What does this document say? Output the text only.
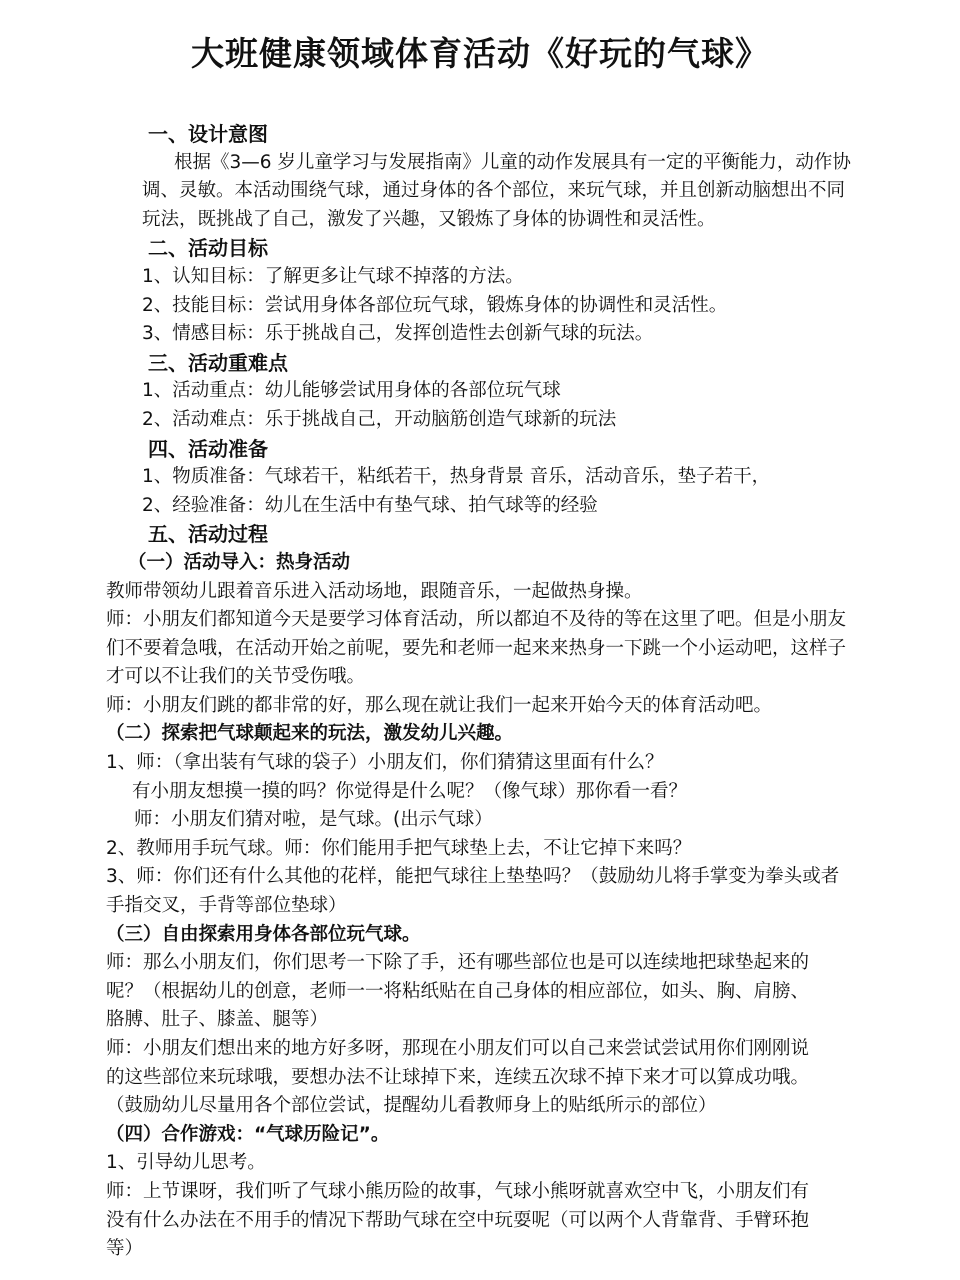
大班健康领域体育活动《好玩的气球》
一、设计意图
根据《3—6 岁儿童学习与发展指南》儿童的动作发展具有一定的平衡能力，动作协
调、灵敏。本活动围绕气球，通过身体的各个部位，来玩气球，并且创新动脑想出不同
玩法，既挑战了自己，激发了兴趣，又锻炼了身体的协调性和灵活性。
二、活动目标
1、认知目标：了解更多让气球不掉落的方法。
2、技能目标：尝试用身体各部位玩气球，锻炼身体的协调性和灵活性。
3、情感目标：乐于挑战自己，发挥创造性去创新气球的玩法。
三、活动重难点
1、活动重点：幼儿能够尝试用身体的各部位玩气球
2、活动难点：乐于挑战自己，开动脑筋创造气球新的玩法
四、活动准备
1、物质准备：气球若干，粘纸若干，热身背景 音乐，活动音乐，垫子若干，
2、经验准备：幼儿在生活中有垫气球、拍气球等的经验
五、活动过程
（一）活动导入：热身活动
教师带领幼儿跟着音乐进入活动场地，跟随音乐，一起做热身操。
师：小朋友们都知道今天是要学习体育活动，所以都迫不及待的等在这里了吧。但是小朋友
们不要着急哦，在活动开始之前呢，要先和老师一起来来热身一下跳一个小运动吧，这样子
才可以不让我们的关节受伤哦。
师：小朋友们跳的都非常的好，那么现在就让我们一起来开始今天的体育活动吧。
（二）探索把气球颠起来的玩法，激发幼儿兴趣。
1、师：（拿出装有气球的袋子）小朋友们，你们猜猜这里面有什么？
有小朋友想摸一摸的吗？你觉得是什么呢？（像气球）那你看一看？
师：小朋友们猜对啦，是气球。(出示气球）
2、教师用手玩气球。师：你们能用手把气球垫上去，不让它掉下来吗？
3、师：你们还有什么其他的花样，能把气球往上垫垫吗？（鼓励幼儿将手掌变为拳头或者
手指交叉，手背等部位垫球）
（三）自由探索用身体各部位玩气球。
师：那么小朋友们，你们思考一下除了手，还有哪些部位也是可以连续地把球垫起来的
呢？（根据幼儿的创意，老师一一将粘纸贴在自己身体的相应部位，如头、胸、肩膀、
胳膊、肚子、膝盖、腿等）
师：小朋友们想出来的地方好多呀，那现在小朋友们可以自己来尝试尝试用你们刚刚说
的这些部位来玩球哦，要想办法不让球掉下来，连续五次球不掉下来才可以算成功哦。
（鼓励幼儿尽量用各个部位尝试，提醒幼儿看教师身上的贴纸所示的部位）
（四）合作游戏：“气球历险记”。
1、引导幼儿思考。
师：上节课呀，我们听了气球小熊历险的故事，气球小熊呀就喜欢空中飞，小朋友们有
没有什么办法在不用手的情况下帮助气球在空中玩耍呢（可以两个人背靠背、手臂环抱
等）
